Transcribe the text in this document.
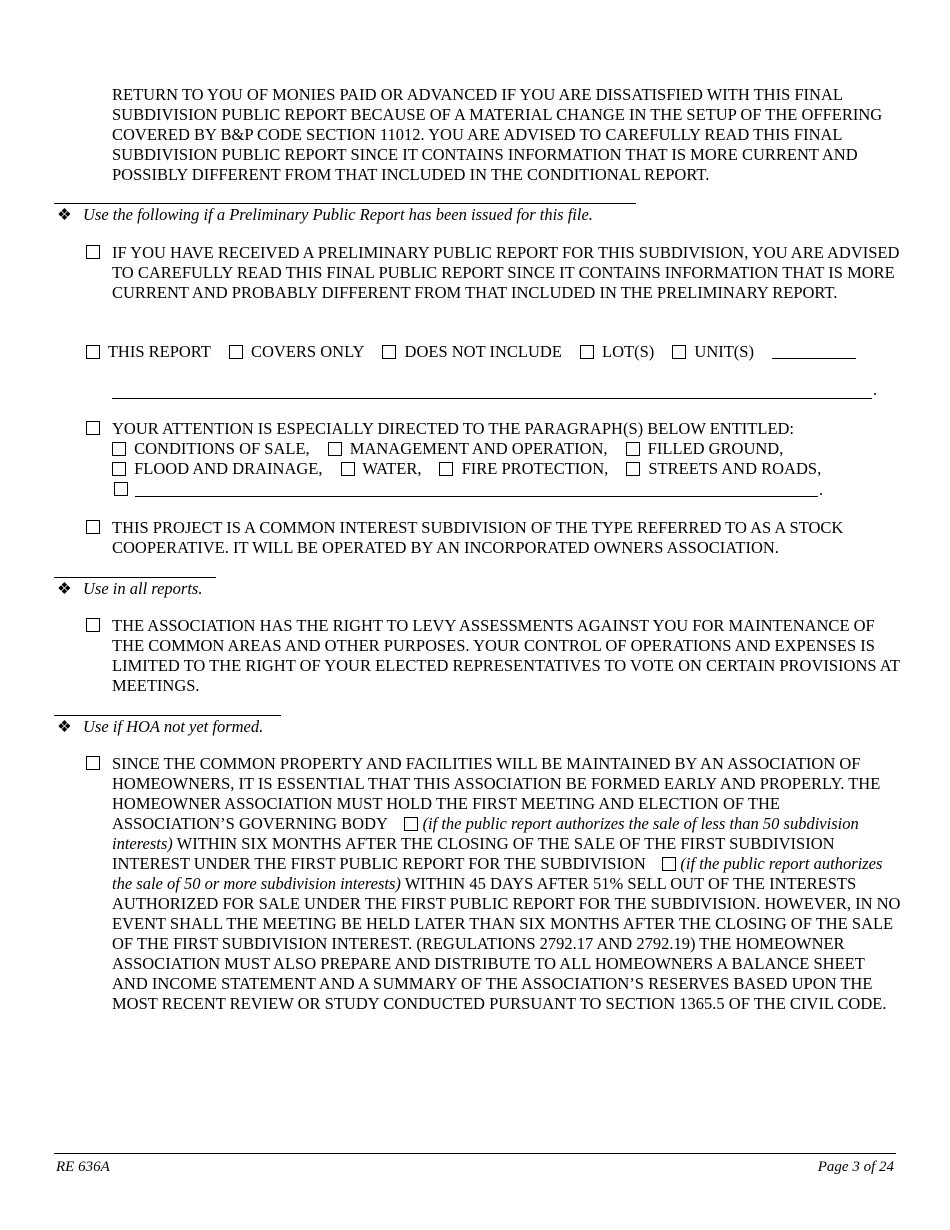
RETURN TO YOU OF MONIES PAID OR ADVANCED IF YOU ARE DISSATISFIED WITH THIS FINAL SUBDIVISION PUBLIC REPORT BECAUSE OF A MATERIAL CHANGE IN THE SETUP OF THE OFFERING COVERED BY B&P CODE SECTION 11012. YOU ARE ADVISED TO CAREFULLY READ THIS FINAL SUBDIVISION PUBLIC REPORT SINCE IT CONTAINS INFORMATION THAT IS MORE CURRENT AND POSSIBLY DIFFERENT FROM THAT INCLUDED IN THE CONDITIONAL REPORT.
❖ Use the following if a Preliminary Public Report has been issued for this file.
IF YOU HAVE RECEIVED A PRELIMINARY PUBLIC REPORT FOR THIS SUBDIVISION, YOU ARE ADVISED TO CAREFULLY READ THIS FINAL PUBLIC REPORT SINCE IT CONTAINS INFORMATION THAT IS MORE CURRENT AND PROBABLY DIFFERENT FROM THAT INCLUDED IN THE PRELIMINARY REPORT.
THIS REPORT COVERS ONLY DOES NOT INCLUDE LOT(S) UNIT(S)
.
YOUR ATTENTION IS ESPECIALLY DIRECTED TO THE PARAGRAPH(S) BELOW ENTITLED:
CONDITIONS OF SALE, MANAGEMENT AND OPERATION, FILLED GROUND,
FLOOD AND DRAINAGE, WATER, FIRE PROTECTION, STREETS AND ROADS,
.
THIS PROJECT IS A COMMON INTEREST SUBDIVISION OF THE TYPE REFERRED TO AS A STOCK COOPERATIVE. IT WILL BE OPERATED BY AN INCORPORATED OWNERS ASSOCIATION.
❖ Use in all reports.
THE ASSOCIATION HAS THE RIGHT TO LEVY ASSESSMENTS AGAINST YOU FOR MAINTENANCE OF THE COMMON AREAS AND OTHER PURPOSES. YOUR CONTROL OF OPERATIONS AND EXPENSES IS LIMITED TO THE RIGHT OF YOUR ELECTED REPRESENTATIVES TO VOTE ON CERTAIN PROVISIONS AT MEETINGS.
❖ Use if HOA not yet formed.
SINCE THE COMMON PROPERTY AND FACILITIES WILL BE MAINTAINED BY AN ASSOCIATION OF HOMEOWNERS, IT IS ESSENTIAL THAT THIS ASSOCIATION BE FORMED EARLY AND PROPERLY. THE HOMEOWNER ASSOCIATION MUST HOLD THE FIRST MEETING AND ELECTION OF THE ASSOCIATION’S GOVERNING BODY (if the public report authorizes the sale of less than 50 subdivision interests) WITHIN SIX MONTHS AFTER THE CLOSING OF THE SALE OF THE FIRST SUBDIVISION INTEREST UNDER THE FIRST PUBLIC REPORT FOR THE SUBDIVISION (if the public report authorizes the sale of 50 or more subdivision interests) WITHIN 45 DAYS AFTER 51% SELL OUT OF THE INTERESTS AUTHORIZED FOR SALE UNDER THE FIRST PUBLIC REPORT FOR THE SUBDIVISION. HOWEVER, IN NO EVENT SHALL THE MEETING BE HELD LATER THAN SIX MONTHS AFTER THE CLOSING OF THE SALE OF THE FIRST SUBDIVISION INTEREST. (REGULATIONS 2792.17 AND 2792.19) THE HOMEOWNER ASSOCIATION MUST ALSO PREPARE AND DISTRIBUTE TO ALL HOMEOWNERS A BALANCE SHEET AND INCOME STATEMENT AND A SUMMARY OF THE ASSOCIATION’S RESERVES BASED UPON THE MOST RECENT REVIEW OR STUDY CONDUCTED PURSUANT TO SECTION 1365.5 OF THE CIVIL CODE.
RE 636A	Page 3 of 24
